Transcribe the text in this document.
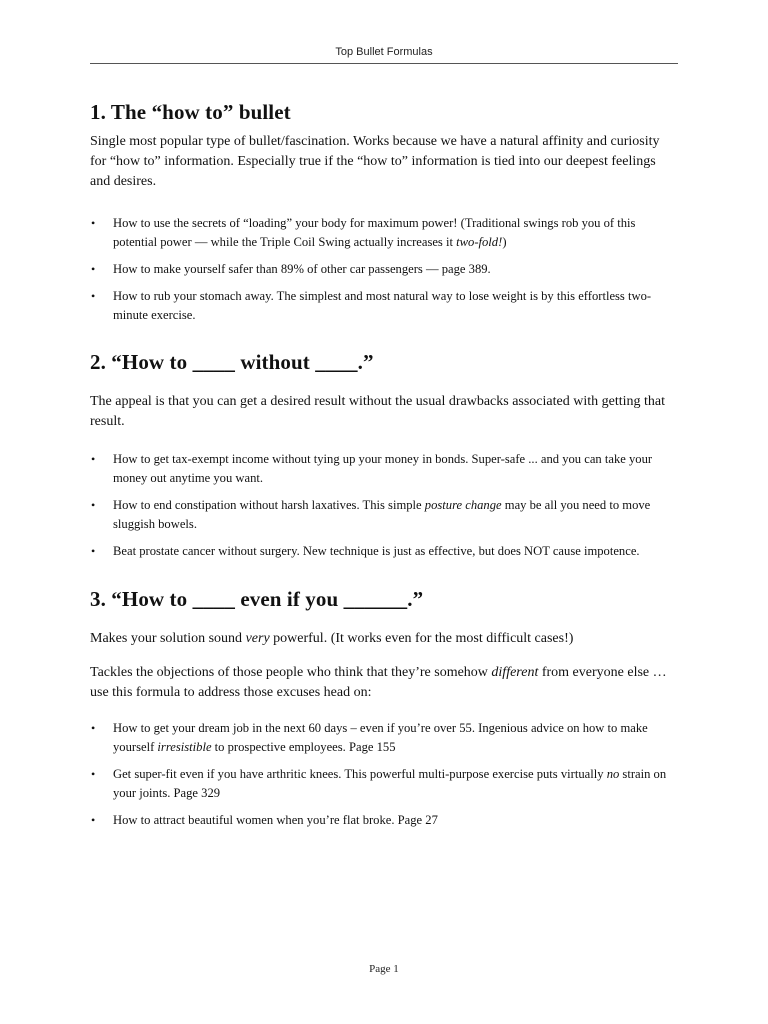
Top Bullet Formulas
1. The “how to” bullet

Single most popular type of bullet/fascination. Works because we have a natural affinity and curiosity for “how to” information. Especially true if the “how to” information is tied into our deepest feelings and desires.

• How to use the secrets of “loading” your body for maximum power! (Traditional swings rob you of this potential power — while the Triple Coil Swing actually increases it two-fold!)
• How to make yourself safer than 89% of other car passengers — page 389.
• How to rub your stomach away. The simplest and most natural way to lose weight is by this effortless two-minute exercise.
2. “How to ____ without ____.”

The appeal is that you can get a desired result without the usual drawbacks associated with getting that result.

• How to get tax-exempt income without tying up your money in bonds. Super-safe ... and you can take your money out anytime you want.
• How to end constipation without harsh laxatives. This simple posture change may be all you need to move sluggish bowels.
• Beat prostate cancer without surgery. New technique is just as effective, but does NOT cause impotence.
3. “How to ____ even if you ______.”

Makes your solution sound very powerful. (It works even for the most difficult cases!)

Tackles the objections of those people who think that they’re somehow different from everyone else … use this formula to address those excuses head on:

• How to get your dream job in the next 60 days – even if you’re over 55. Ingenious advice on how to make yourself irresistible to prospective employees. Page 155
• Get super-fit even if you have arthritic knees. This powerful multi-purpose exercise puts virtually no strain on your joints. Page 329
• How to attract beautiful women when you’re flat broke. Page 27
Page 1
